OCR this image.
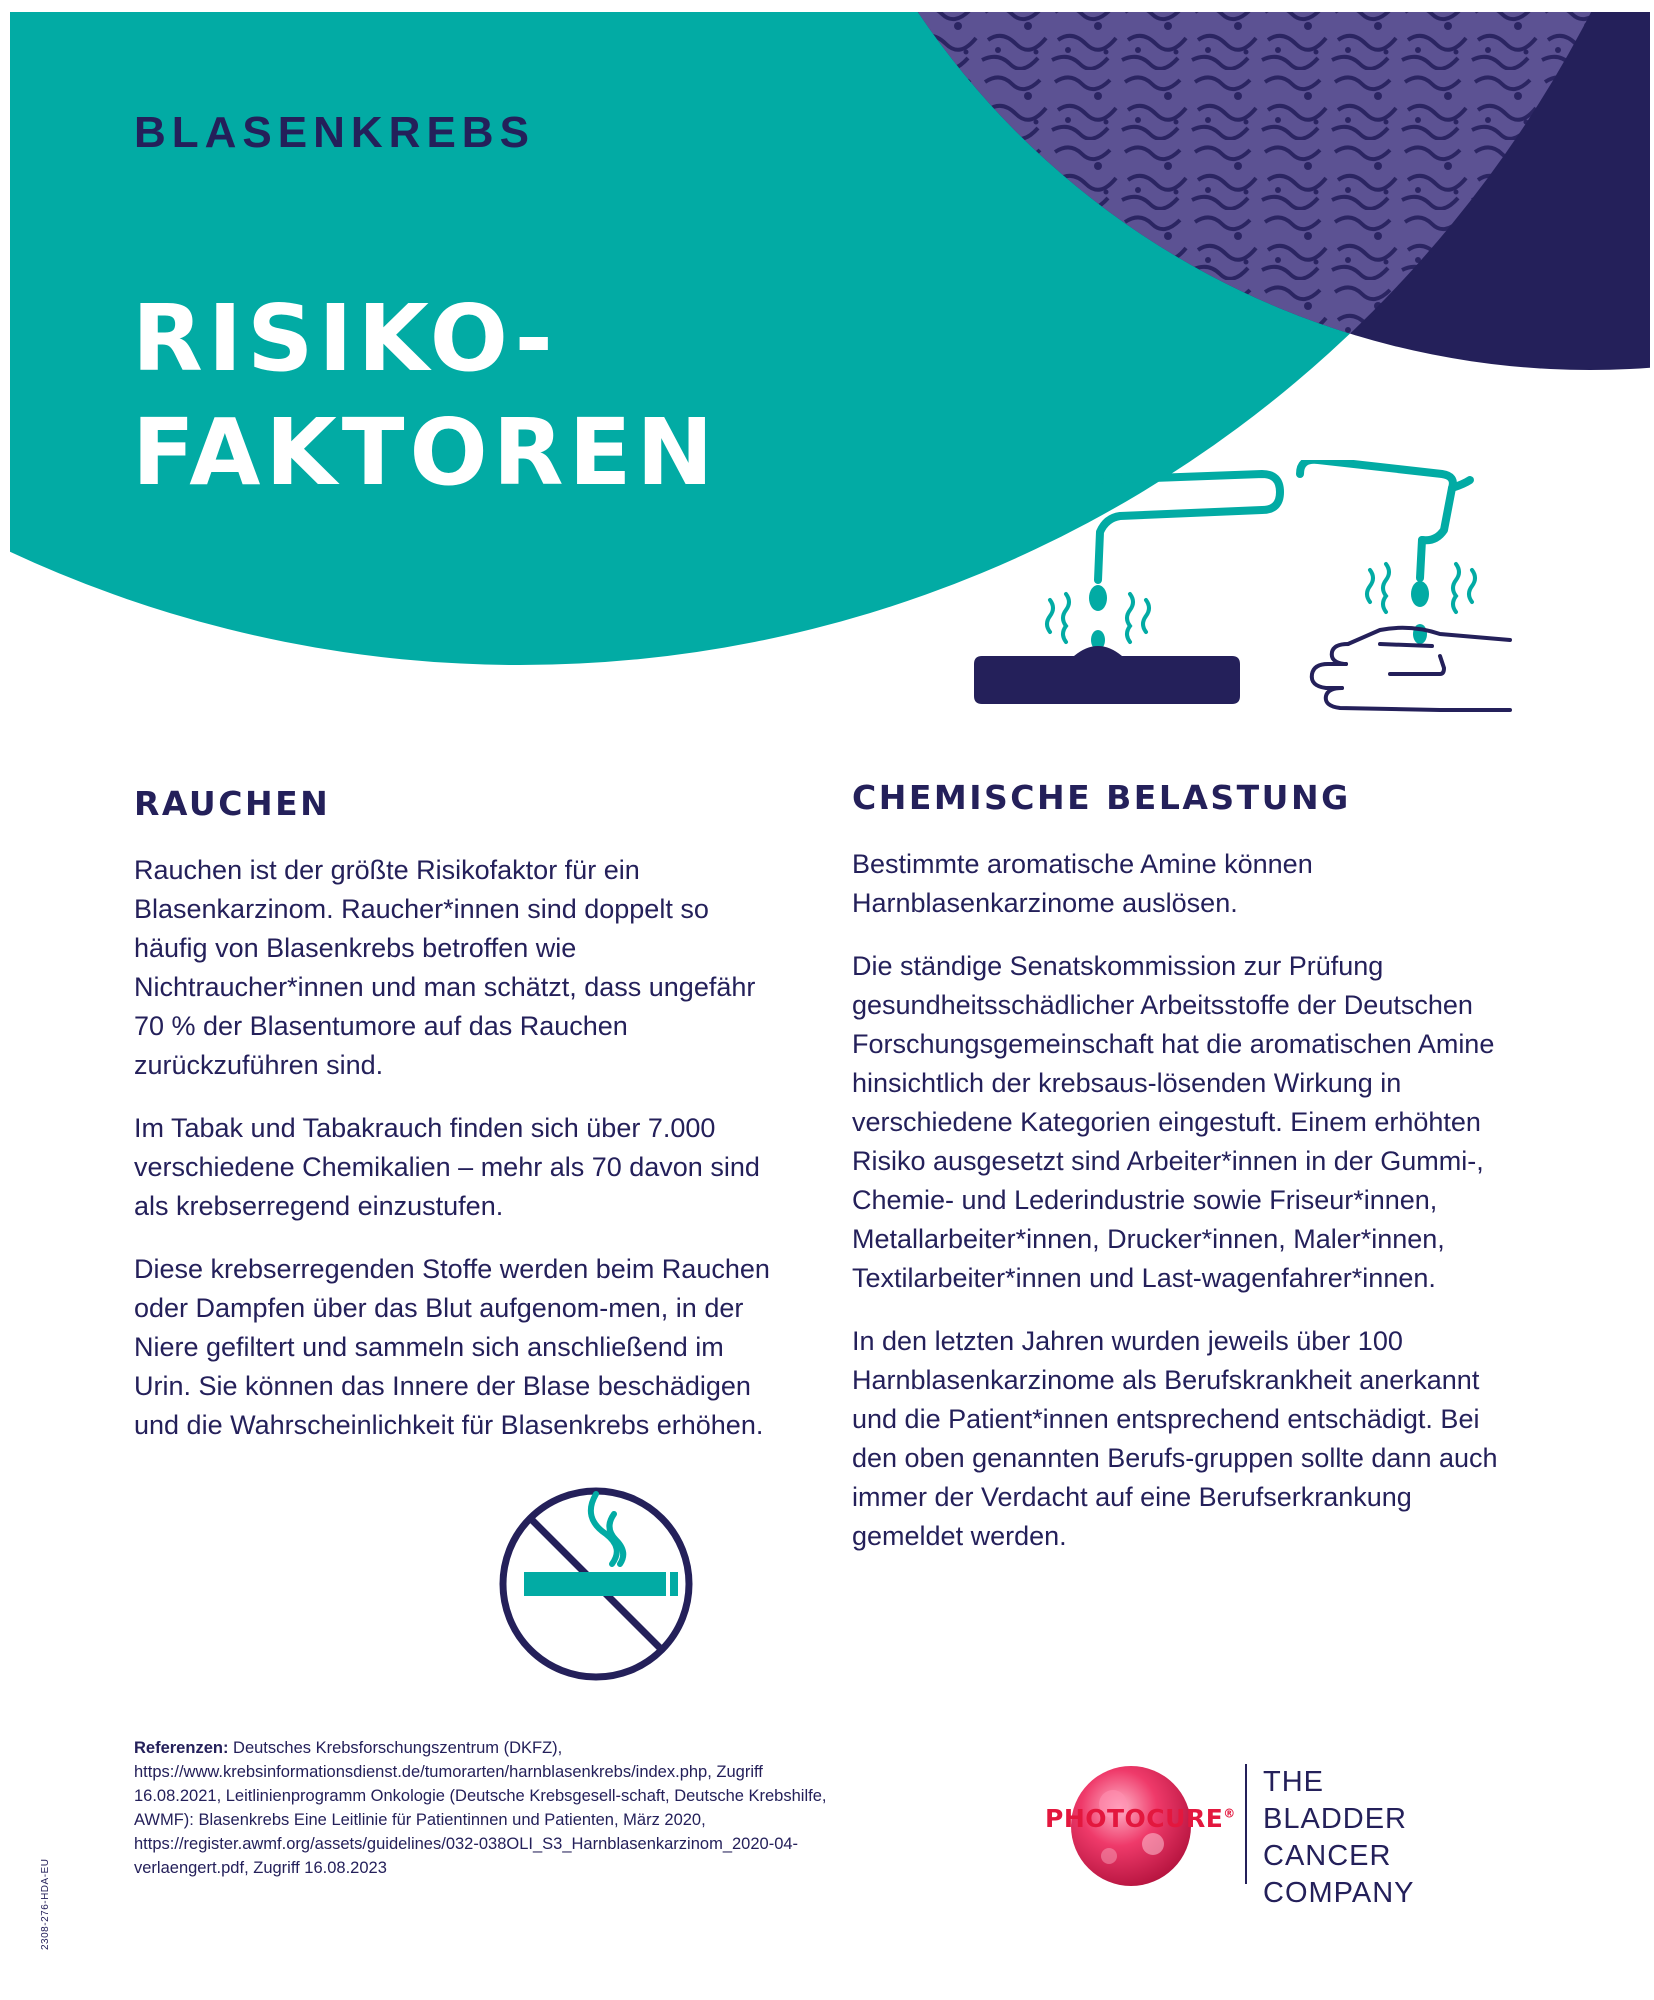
BLASENKREBS
RISIKO-
FAKTOREN
RAUCHEN

Rauchen ist der größte Risikofaktor für ein Blasenkarzinom. Raucher*innen sind doppelt so häufig von Blasenkrebs betroffen wie Nichtraucher*innen und man schätzt, dass ungefähr 70 % der Blasentumore auf das Rauchen zurückzuführen sind.

Im Tabak und Tabakrauch finden sich über 7.000 verschiedene Chemikalien – mehr als 70 davon sind als krebserregend einzustufen.

Diese krebserregenden Stoffe werden beim Rauchen oder Dampfen über das Blut aufgenom-men, in der Niere gefiltert und sammeln sich anschließend im Urin. Sie können das Innere der Blase beschädigen und die Wahrscheinlichkeit für Blasenkrebs erhöhen.

CHEMISCHE BELASTUNG

Bestimmte aromatische Amine können Harnblasenkarzinome auslösen.

Die ständige Senatskommission zur Prüfung gesundheitsschädlicher Arbeitsstoffe der Deutschen Forschungsgemeinschaft hat die aromatischen Amine hinsichtlich der krebsaus-lösenden Wirkung in verschiedene Kategorien eingestuft. Einem erhöhten Risiko ausgesetzt sind Arbeiter*innen in der Gummi-, Chemie- und Lederindustrie sowie Friseur*innen, Metallarbeiter*innen, Drucker*innen, Maler*innen, Textilarbeiter*innen und Last-wagenfahrer*innen.

In den letzten Jahren wurden jeweils über 100 Harnblasenkarzinome als Berufskrankheit anerkannt und die Patient*innen entsprechend entschädigt. Bei den oben genannten Berufs-gruppen sollte dann auch immer der Verdacht auf eine Berufserkrankung gemeldet werden.

Referenzen: Deutsches Krebsforschungszentrum (DKFZ), https://www.krebsinformationsdienst.de/tumorarten/harnblasenkrebs/index.php, Zugriff 16.08.2021, Leitlinienprogramm Onkologie (Deutsche Krebsgesell-schaft, Deutsche Krebshilfe, AWMF): Blasenkrebs Eine Leitlinie für Patientinnen und Patienten, März 2020, https://register.awmf.org/assets/guidelines/032-038OLI_S3_Harnblasenkarzinom_2020-04-verlaengert.pdf, Zugriff 16.08.2023

2308-276-HDA-EU
PHOTOCURE®
THE
BLADDER CANCER
COMPANY
